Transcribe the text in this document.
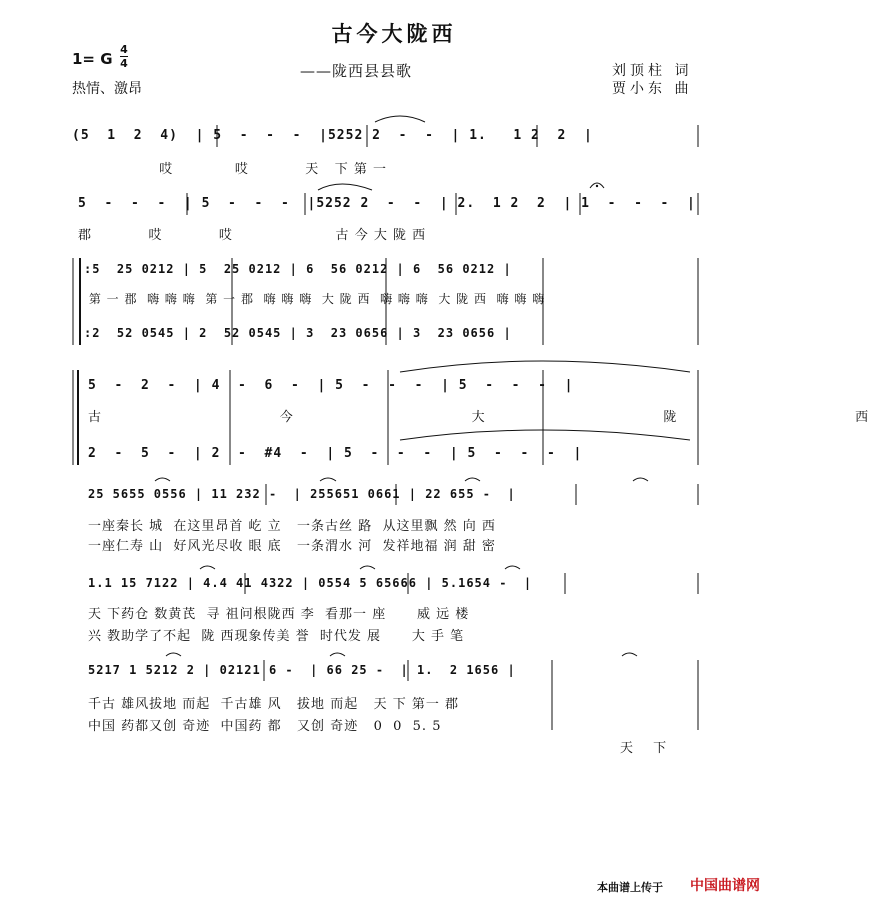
古今大陇西
——陇西县县歌
1= G
4
4
热情、激昂
刘顶柱 词
贾小东 曲
(5  1  2  4)  | 5  -  -  -  |5252 2  -  -  | 1.   1 2  2  |
哎            哎           天   下 第 一
5  -  -  -  | 5  -  -  -  |5252 2  -  -  | 2.  1 2  2  | 1  -  -  -  |
郡           哎           哎                    古 今 大 陇 西
:5  25 0212 | 5  25 0212 | 6  56 0212 | 6  56 0212 |
第 一 郡  嗨 嗨 嗨  第 一 郡  嗨 嗨 嗨  大 陇 西  嗨 嗨 嗨  大 陇 西  嗨 嗨 嗨
:2  52 0545 | 2  52 0545 | 3  23 0656 | 3  23 0656 |
5  -  2  -  | 4  -  6  -  | 5  -  -  -  | 5  -  -  -  |
古      今      大      陇      西
2  -  5  -  | 2  -  #4  -  | 5  -  -  -  | 5  -  -  -  |
25 5655 0556 | 11 232 -  | 255651 0661 | 22 655 -  |
一座秦长 城  在这里昂首 屹 立   一条古丝 路  从这里飘 然 向 西
一座仁寿 山  好风光尽收 眼 底   一条渭水 河  发祥地福 润 甜 密
1.1 15 7122 | 4.4 41 4322 | 0554 5 65666 | 5.1654 -  |
天 下药仓 数黄芪  寻 祖问根陇西 李  看那一 座      威 远 楼
兴 教助学了不起  陇 西现象传美 誉  时代发 展      大 手 笔
5217 1 5212 2 | 02121 6 -  | 66 25 -  | 1.  2 1656 |
千古 雄风拔地 而起  千古雄 风   拔地 而起   天 下 第一 郡
中国 药都又创 奇迹  中国药 都   又创 奇迹   0  0  5. 5
天 下
本曲谱上传于	中国曲谱网
